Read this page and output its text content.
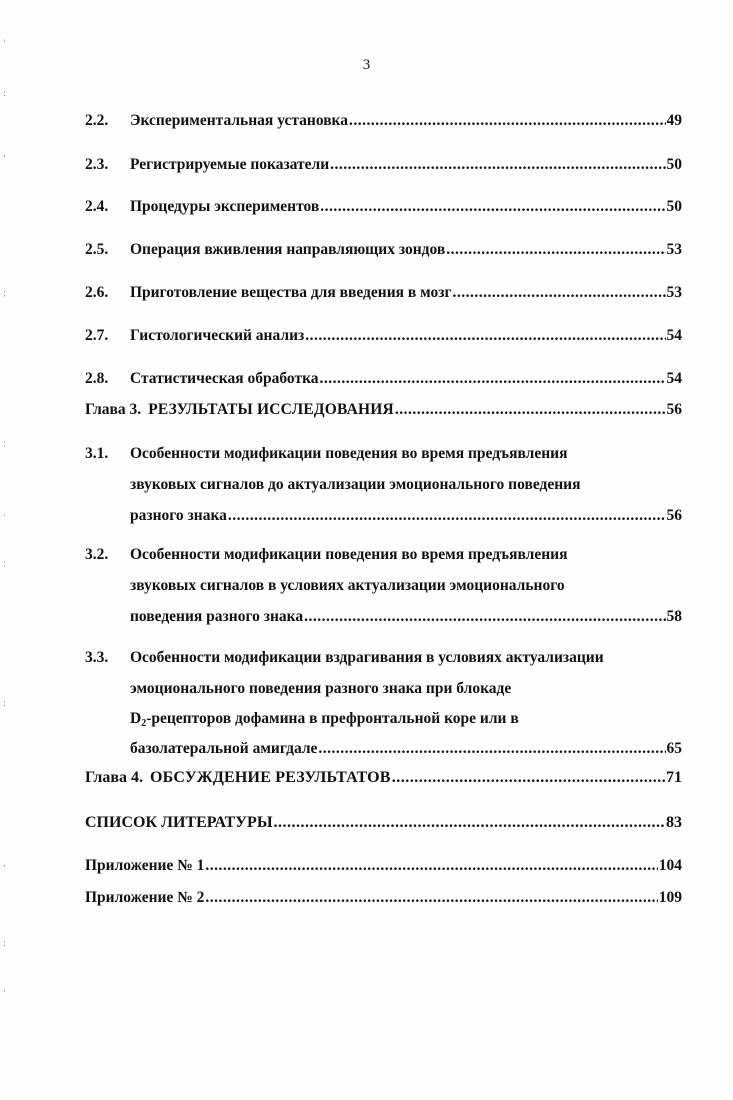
3
2.2.	Экспериментальная установка .....	49
2.3.	Регистрируемые показатели .....	50
2.4.	Процедуры экспериментов .....	50
2.5.	Операция вживления направляющих зондов .....	53
2.6.	Приготовление вещества для введения в мозг .....	53
2.7.	Гистологический анализ .....	54
2.8.	Статистическая обработка .....	54
Глава 3. РЕЗУЛЬТАТЫ ИССЛЕДОВАНИЯ .....	56
3.1.	Особенности модификации поведения во время предъявления
звуковых сигналов до актуализации эмоционального поведения
разного знака .....	56
3.2.	Особенности модификации поведения во время предъявления
звуковых сигналов в условиях актуализации эмоционального
поведения разного знака .....	58
3.3.	Особенности модификации вздрагивания в условиях актуализации
эмоционального поведения разного знака при блокаде
$D_2$-рецепторов дофамина в префронтальной коре или в
базолатеральной амигдале .....	65
Глава 4. ОБСУЖДЕНИЕ РЕЗУЛЬТАТОВ .....	71
СПИСОК ЛИТЕРАТУРЫ .....	83
Приложение № 1 .....	104
Приложение № 2 .....	109
'
:
,
;
:
.
:
:
,
:
'
